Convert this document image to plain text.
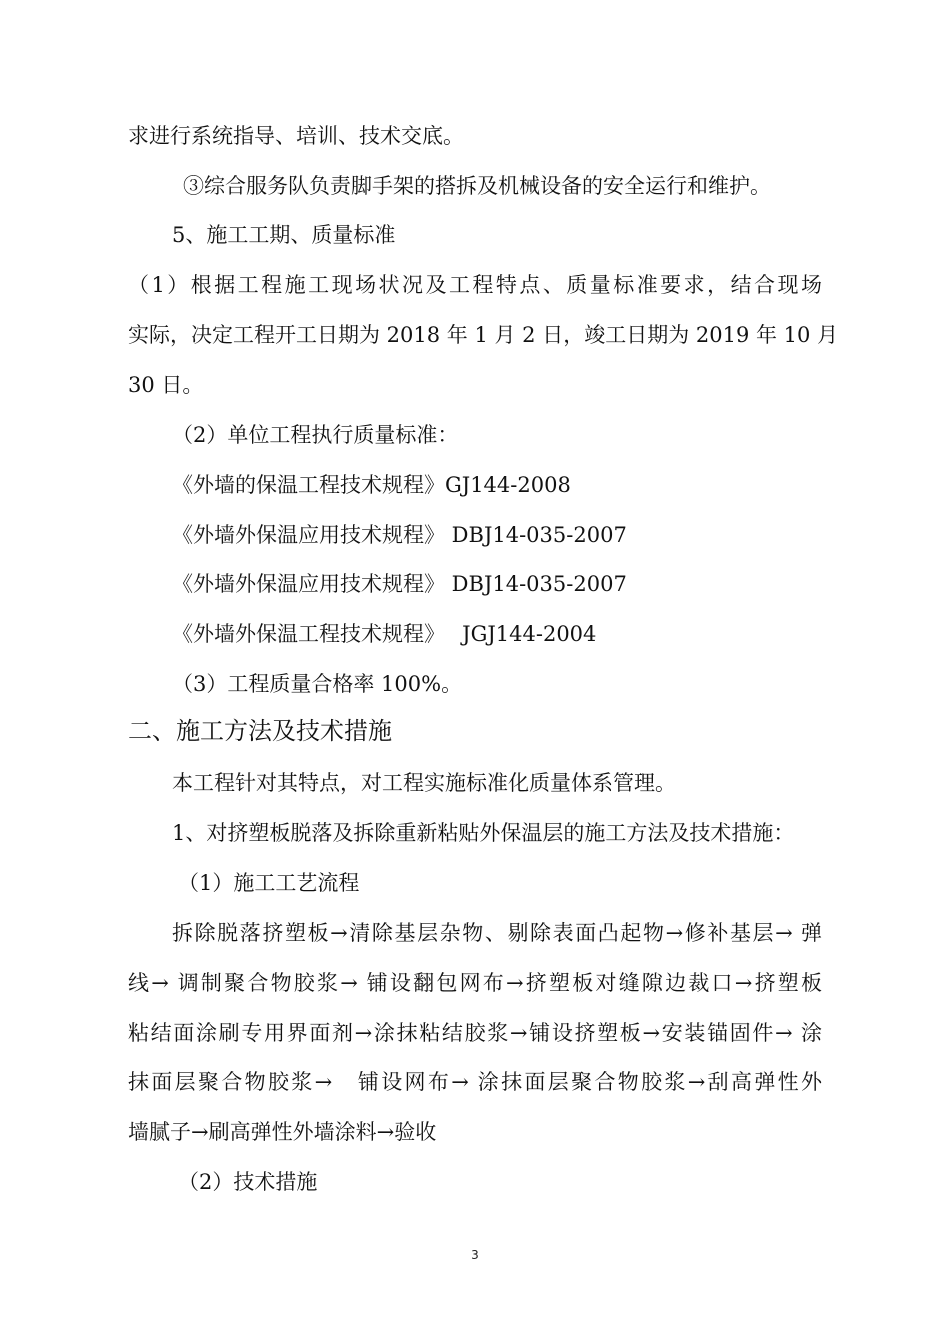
求进行系统指导、培训、技术交底。
③综合服务队负责脚手架的搭拆及机械设备的安全运行和维护。
5、施工工期、质量标准
（1）根据工程施工现场状况及工程特点、质量标准要求，结合现场
实际，决定工程开工日期为 2018 年 1 月 2 日，竣工日期为 2019 年 10 月
30 日。
（2）单位工程执行质量标准：
《外墙的保温工程技术规程》GJ144-2008
《外墙外保温应用技术规程》 DBJ14-035-2007
《外墙外保温应用技术规程》 DBJ14-035-2007
《外墙外保温工程技术规程》　 JGJ144-2004
（3）工程质量合格率 100%。
二、施工方法及技术措施
本工程针对其特点，对工程实施标准化质量体系管理。
1、对挤塑板脱落及拆除重新粘贴外保温层的施工方法及技术措施：
（1）施工工艺流程
拆除脱落挤塑板→清除基层杂物、剔除表面凸起物→修补基层→ 弹
线→ 调制聚合物胶浆→ 铺设翻包网布→挤塑板对缝隙边裁口→挤塑板
粘结面涂刷专用界面剂→涂抹粘结胶浆→铺设挤塑板→安装锚固件→ 涂
抹面层聚合物胶浆→　铺设网布→ 涂抹面层聚合物胶浆→刮高弹性外
墙腻子→刷高弹性外墙涂料→验收
（2）技术措施
3
